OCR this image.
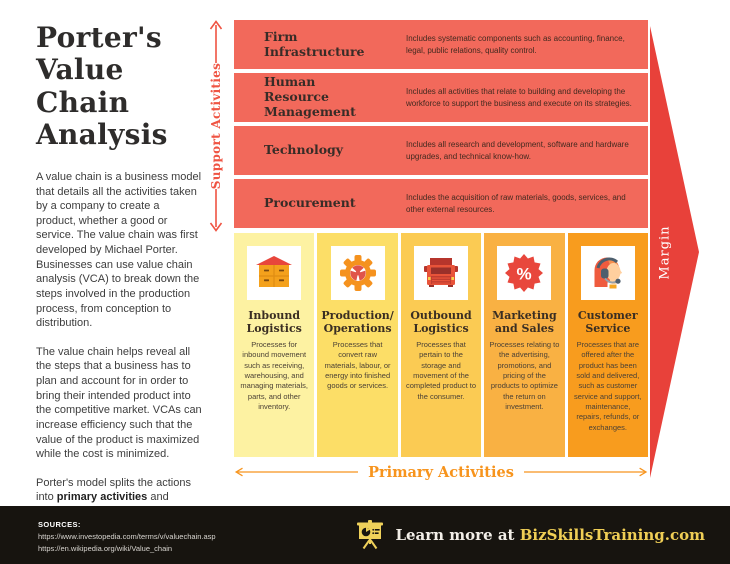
Porter's Value Chain Analysis

A value chain is a business model that details all the activities taken by a company to create a product, whether a good or service. The value chain was first developed by Michael Porter. Businesses can use value chain analysis (VCA) to break down the steps involved in the production process, from conception to distribution.

The value chain helps reveal all the steps that a business has to plan and account for in order to bring their intended product into the competitive market. VCAs can increase efficiency such that the value of the product is maximized while the cost is minimized.

Porter's model splits the actions into primary activities and

Support Activities
Firm Infrastructure
Includes systematic components such as accounting, finance, legal, public relations, quality control.
Human Resource Management
Includes all activities that relate to building and developing the workforce to support the business and execute on its strategies.
Technology	Includes all research and development, software and hardware upgrades, and technical know-how.
Procurement	Includes the acquisition of raw materials, goods, services, and other external resources.
Inbound Logistics
Processes for inbound movement such as receiving, warehousing, and managing materials, parts, and other inventory.
Production/ Operations
Processes that convert raw materials, labour, or energy into finished goods or services.
Outbound Logistics
Processes that pertain to the storage and movement of the completed product to the consumer.
%
Marketing and Sales
Processes relating to the advertising, promotions, and pricing of the products to optimize the return on investment.
Customer Service
Processes that are offered after the product has been sold and delivered, such as customer service and support, maintenance, repairs, refunds, or exchanges.
Margin
Primary Activities
SOURCES:
https://www.investopedia.com/terms/v/valuechain.asp
https://en.wikipedia.org/wiki/Value_chain
Learn more at BizSkillsTraining.com
